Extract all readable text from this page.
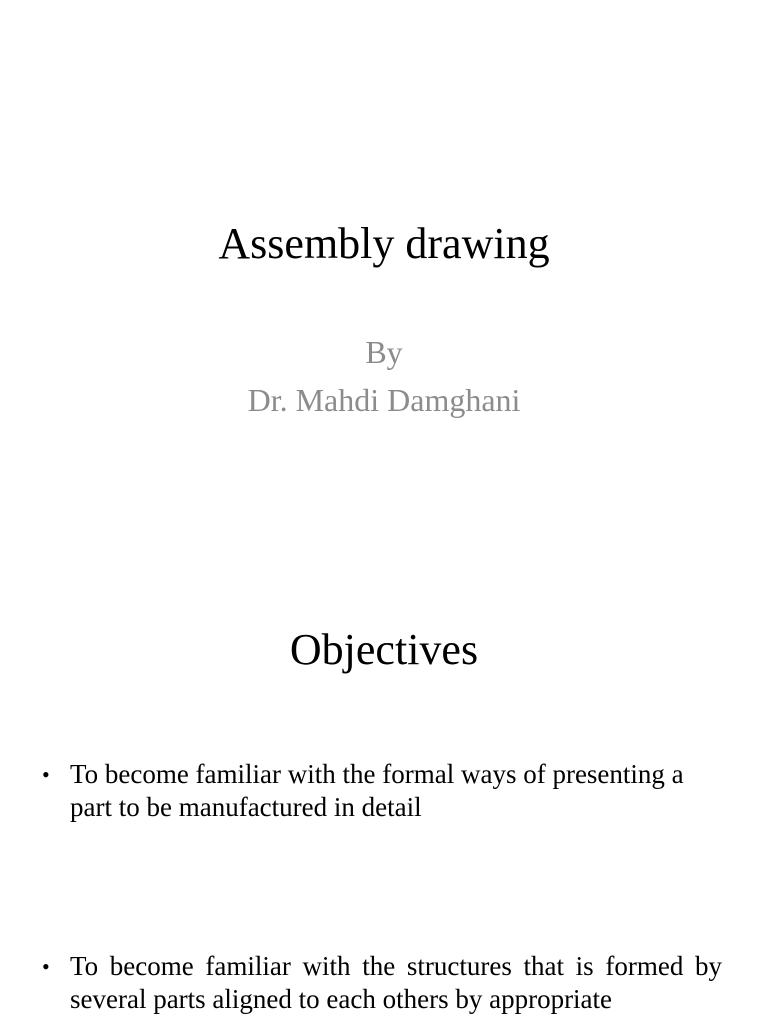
Assembly drawing

By

Dr. Mahdi Damghani

Objectives
• To become familiar with the formal ways of presenting a part to be manufactured in detail
• To become familiar with the structures that is formed by several parts aligned to each others by appropriate
